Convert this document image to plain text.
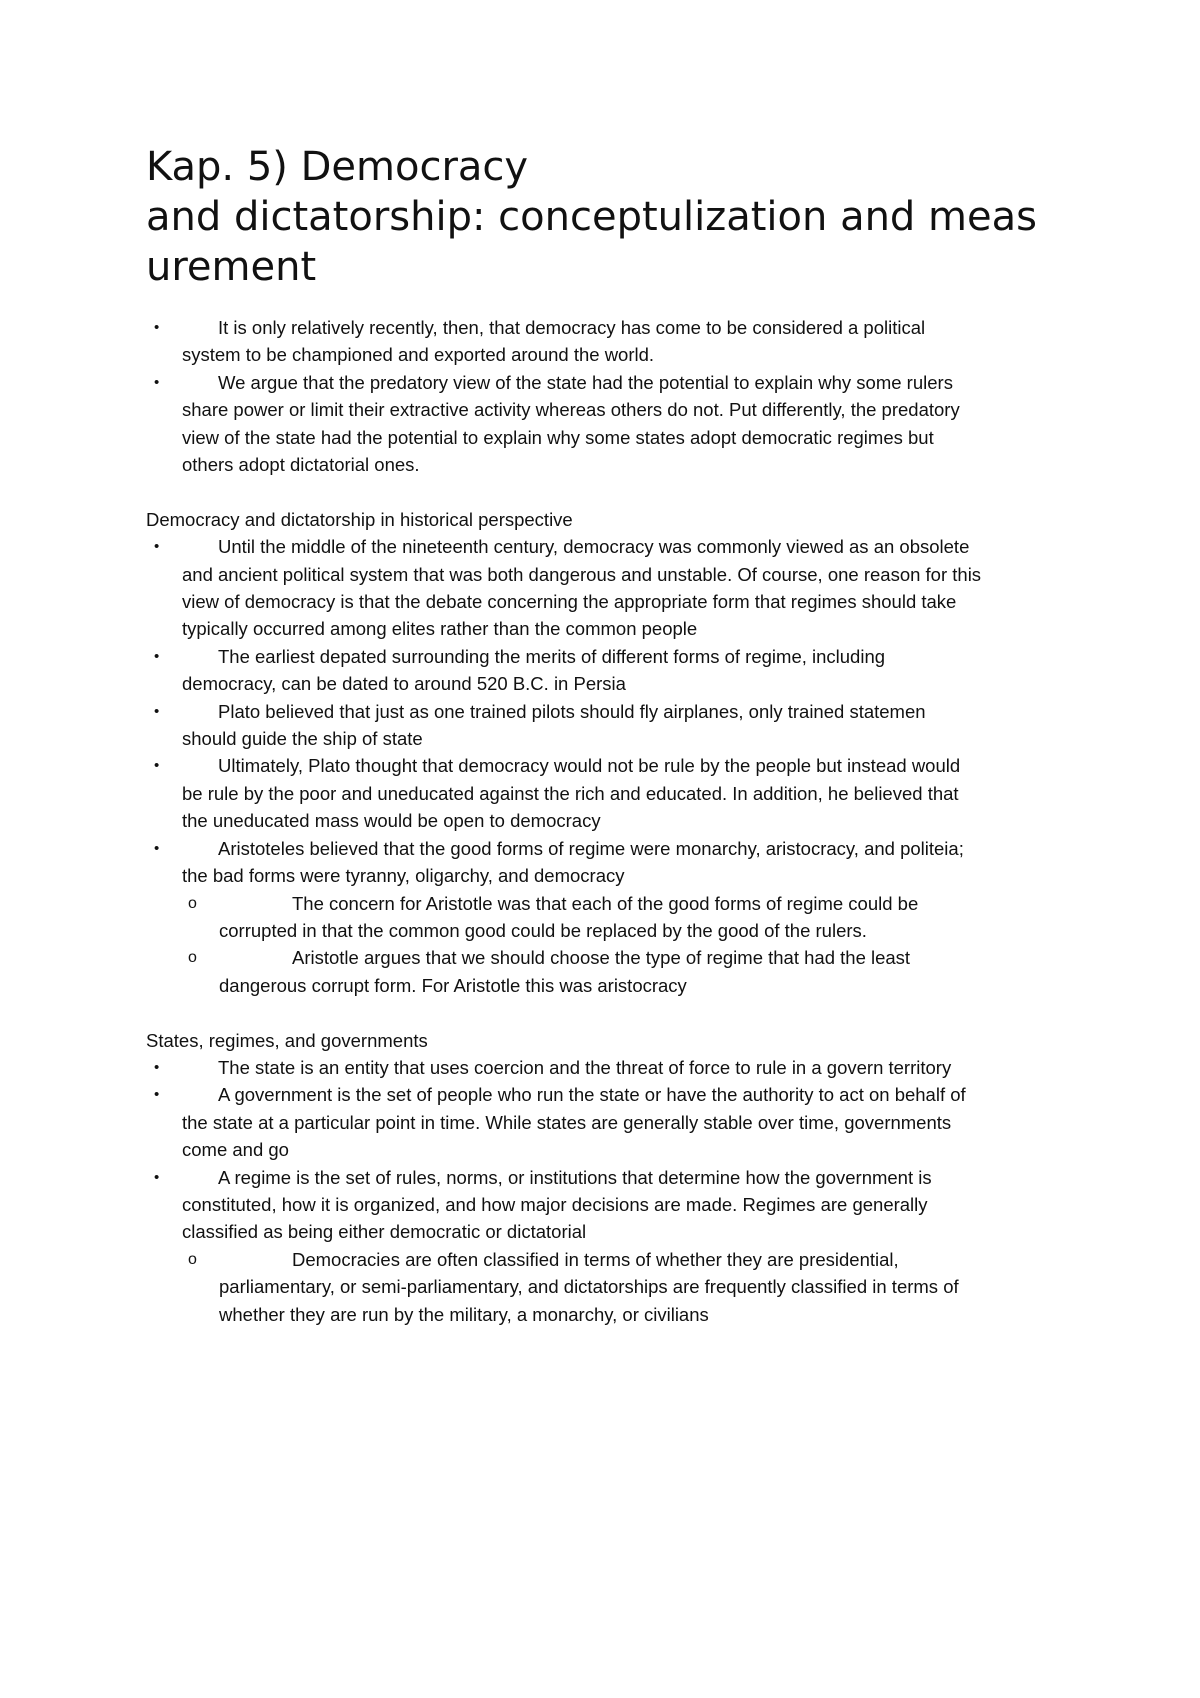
Kap. 5) Democracy
and dictatorship: conceptulization and meas
urement
•	It is only relatively recently, then, that democracy has come to be considered a political
system to be championed and exported around the world.
•	We argue that the predatory view of the state had the potential to explain why some rulers
share power or limit their extractive activity whereas others do not. Put differently, the predatory
view of the state had the potential to explain why some states adopt democratic regimes but
others adopt dictatorial ones.
Democracy and dictatorship in historical perspective
•	Until the middle of the nineteenth century, democracy was commonly viewed as an obsolete
and ancient political system that was both dangerous and unstable. Of course, one reason for this
view of democracy is that the debate concerning the appropriate form that regimes should take
typically occurred among elites rather than the common people
•	The earliest depated surrounding the merits of different forms of regime, including
democracy, can be dated to around 520 B.C. in Persia
•	Plato believed that just as one trained pilots should fly airplanes, only trained statemen
should guide the ship of state
•	Ultimately, Plato thought that democracy would not be rule by the people but instead would
be rule by the poor and uneducated against the rich and educated. In addition, he believed that
the uneducated mass would be open to democracy
•	Aristoteles believed that the good forms of regime were monarchy, aristocracy, and politeia;
the bad forms were tyranny, oligarchy, and democracy
o	The concern for Aristotle was that each of the good forms of regime could be
corrupted in that the common good could be replaced by the good of the rulers.
o	Aristotle argues that we should choose the type of regime that had the least
dangerous corrupt form. For Aristotle this was aristocracy
States, regimes, and governments
•	The state is an entity that uses coercion and the threat of force to rule in a govern territory
•	A government is the set of people who run the state or have the authority to act on behalf of
the state at a particular point in time. While states are generally stable over time, governments
come and go
•	A regime is the set of rules, norms, or institutions that determine how the government is
constituted, how it is organized, and how major decisions are made. Regimes are generally
classified as being either democratic or dictatorial
o	Democracies are often classified in terms of whether they are presidential,
parliamentary, or semi-parliamentary, and dictatorships are frequently classified in terms of
whether they are run by the military, a monarchy, or civilians
